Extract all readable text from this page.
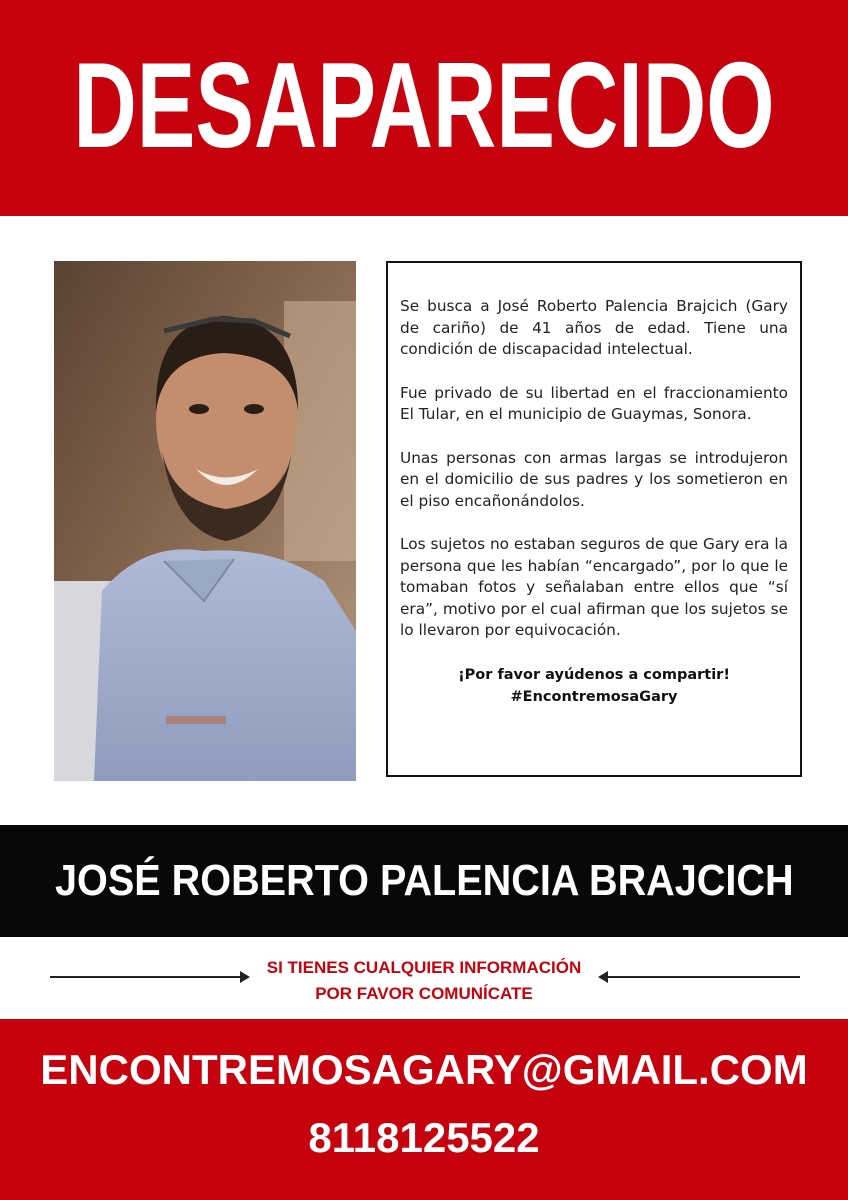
DESAPARECIDO

Se busca a José Roberto Palencia Brajcich (Gary de cariño) de 41 años de edad. Tiene una condición de discapacidad intelectual.

Fue privado de su libertad en el fraccionamiento El Tular, en el municipio de Guaymas, Sonora.

Unas personas con armas largas se introdujeron en el domicilio de sus padres y los sometieron en el piso encañonándolos.

Los sujetos no estaban seguros de que Gary era la persona que les habían “encargado”, por lo que le tomaban fotos y señalaban entre ellos que “sí era”, motivo por el cual afirman que los sujetos se lo llevaron por equivocación.

¡Por favor ayúdenos a compartir!
#EncontremosaGary
JOSÉ ROBERTO PALENCIA BRAJCICH
SI TIENES CUALQUIER INFORMACIÓN
POR FAVOR COMUNÍCATE
ENCONTREMOSAGARY@GMAIL.COM
8118125522
